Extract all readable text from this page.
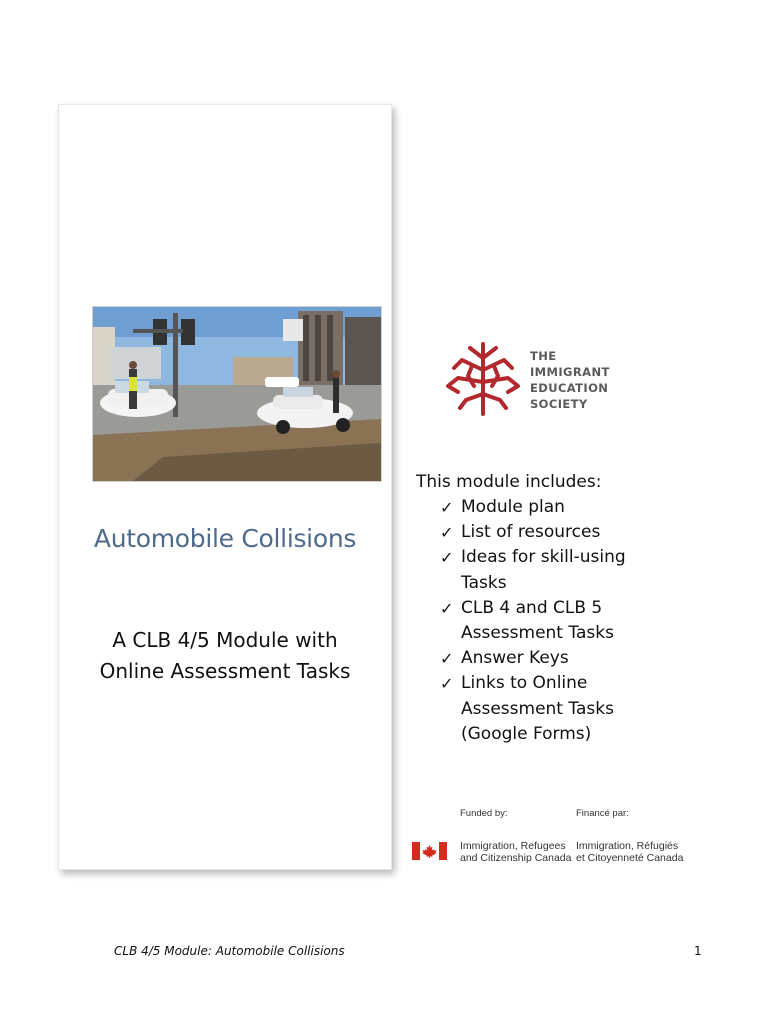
Automobile Collisions
A CLB 4/5 Module with
Online Assessment Tasks
THE
IMMIGRANT
EDUCATION
SOCIETY
This module includes:
✓ Module plan
✓ List of resources
✓ Ideas for skill-using
Tasks
✓ CLB 4 and CLB 5
Assessment Tasks
✓ Answer Keys
✓ Links to Online
Assessment Tasks
(Google Forms)
Funded by:	Financé par:
Immigration, Refugees
and Citizenship Canada
Immigration, Réfugiés
et Citoyenneté Canada
CLB 4/5 Module: Automobile Collisions	1
